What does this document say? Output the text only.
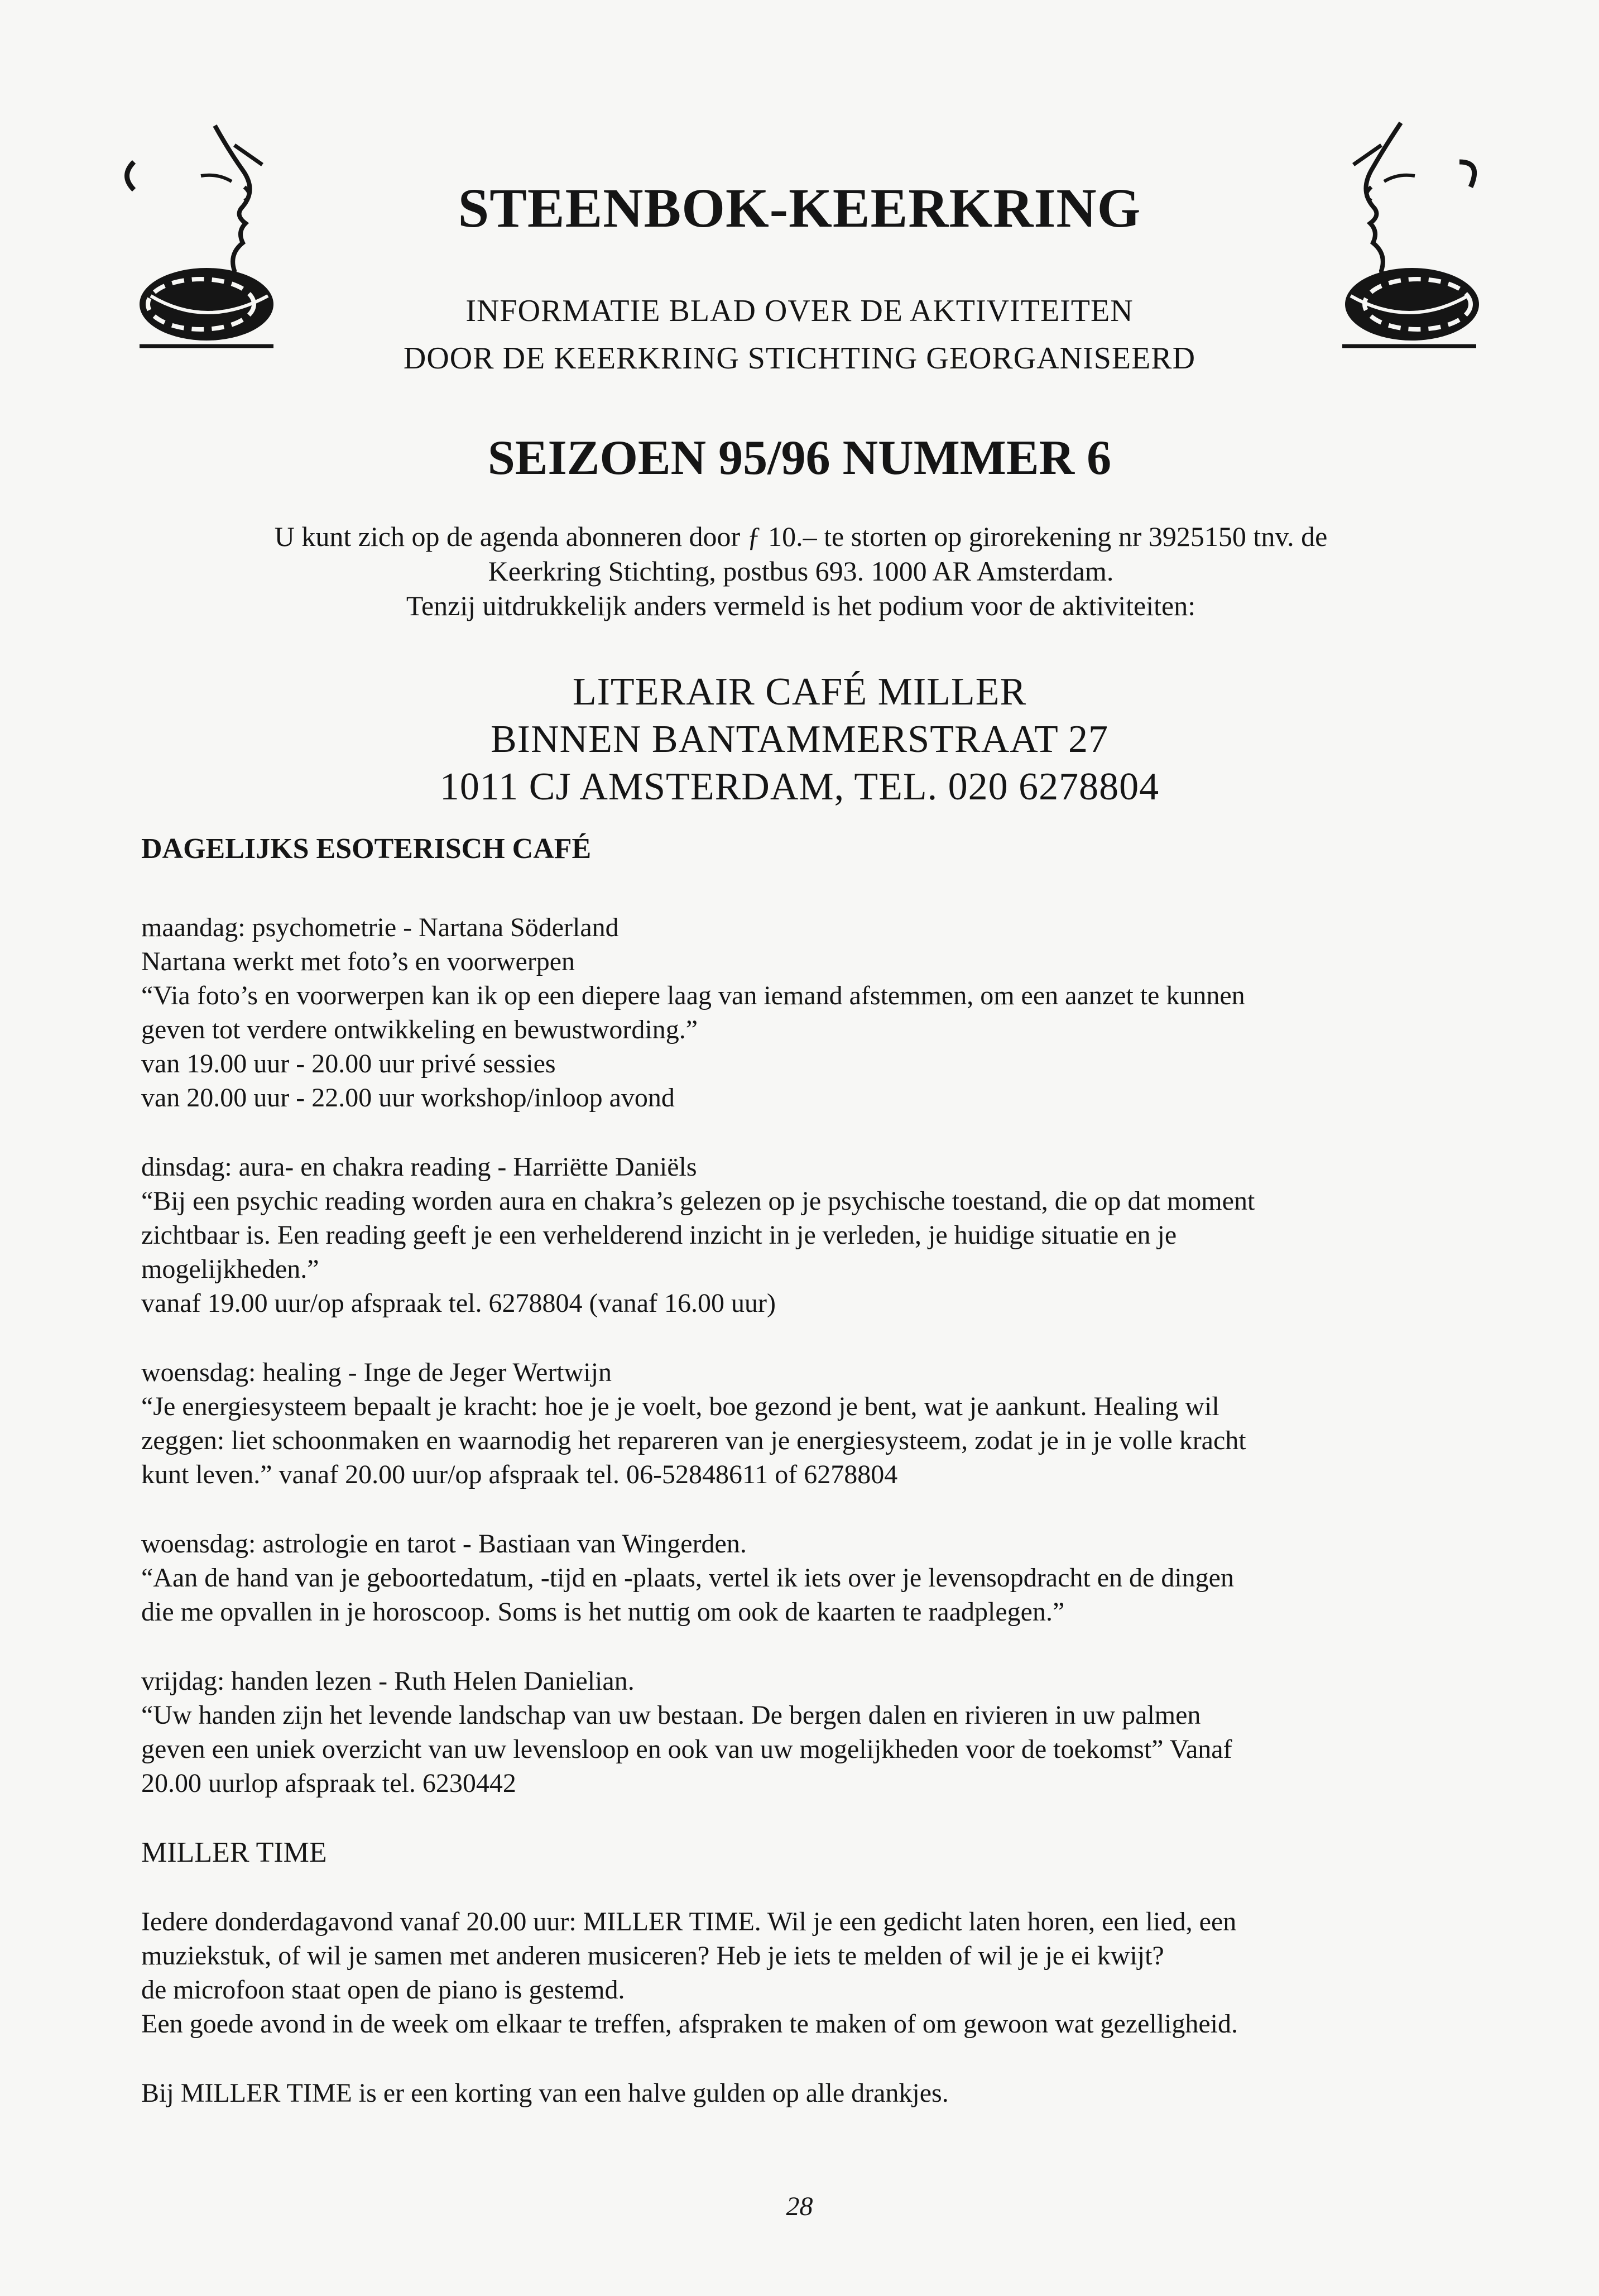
STEENBOK-KEERKRING
INFORMATIE BLAD OVER DE AKTIVITEITEN
DOOR DE KEERKRING STICHTING GEORGANISEERD
SEIZOEN 95/96 NUMMER 6
U kunt zich op de agenda abonneren door ƒ 10.– te storten op girorekening nr 3925150 tnv. de
Keerkring Stichting, postbus 693. 1000 AR Amsterdam.
Tenzij uitdrukkelijk anders vermeld is het podium voor de aktiviteiten:
LITERAIR CAFÉ MILLER
BINNEN BANTAMMERSTRAAT 27
1011 CJ AMSTERDAM, TEL. 020 6278804
DAGELIJKS ESOTERISCH CAFÉ
maandag: psychometrie - Nartana Söderland
Nartana werkt met foto’s en voorwerpen
“Via foto’s en voorwerpen kan ik op een diepere laag van iemand afstemmen, om een aanzet te kunnen
geven tot verdere ontwikkeling en bewustwording.”
van 19.00 uur - 20.00 uur privé sessies
van 20.00 uur - 22.00 uur workshop/inloop avond
dinsdag: aura- en chakra reading - Harriëtte Daniëls
“Bij een psychic reading worden aura en chakra’s gelezen op je psychische toestand, die op dat moment
zichtbaar is. Een reading geeft je een verhelderend inzicht in je verleden, je huidige situatie en je
mogelijkheden.”
vanaf 19.00 uur/op afspraak tel. 6278804 (vanaf 16.00 uur)
woensdag: healing - Inge de Jeger Wertwijn
“Je energiesysteem bepaalt je kracht: hoe je je voelt, boe gezond je bent, wat je aankunt. Healing wil
zeggen: liet schoonmaken en waarnodig het repareren van je energiesysteem, zodat je in je volle kracht
kunt leven.” vanaf 20.00 uur/op afspraak tel. 06-52848611 of 6278804
woensdag: astrologie en tarot - Bastiaan van Wingerden.
“Aan de hand van je geboortedatum, -tijd en -plaats, vertel ik iets over je levensopdracht en de dingen
die me opvallen in je horoscoop. Soms is het nuttig om ook de kaarten te raadplegen.”
vrijdag: handen lezen - Ruth Helen Danielian.
“Uw handen zijn het levende landschap van uw bestaan. De bergen dalen en rivieren in uw palmen
geven een uniek overzicht van uw levensloop en ook van uw mogelijkheden voor de toekomst” Vanaf
20.00 uurlop afspraak tel. 6230442
MILLER TIME
Iedere donderdagavond vanaf 20.00 uur: MILLER TIME. Wil je een gedicht laten horen, een lied, een
muziekstuk, of wil je samen met anderen musiceren? Heb je iets te melden of wil je je ei kwijt?
de microfoon staat open de piano is gestemd.
Een goede avond in de week om elkaar te treffen, afspraken te maken of om gewoon wat gezelligheid.
Bij MILLER TIME is er een korting van een halve gulden op alle drankjes.
28
